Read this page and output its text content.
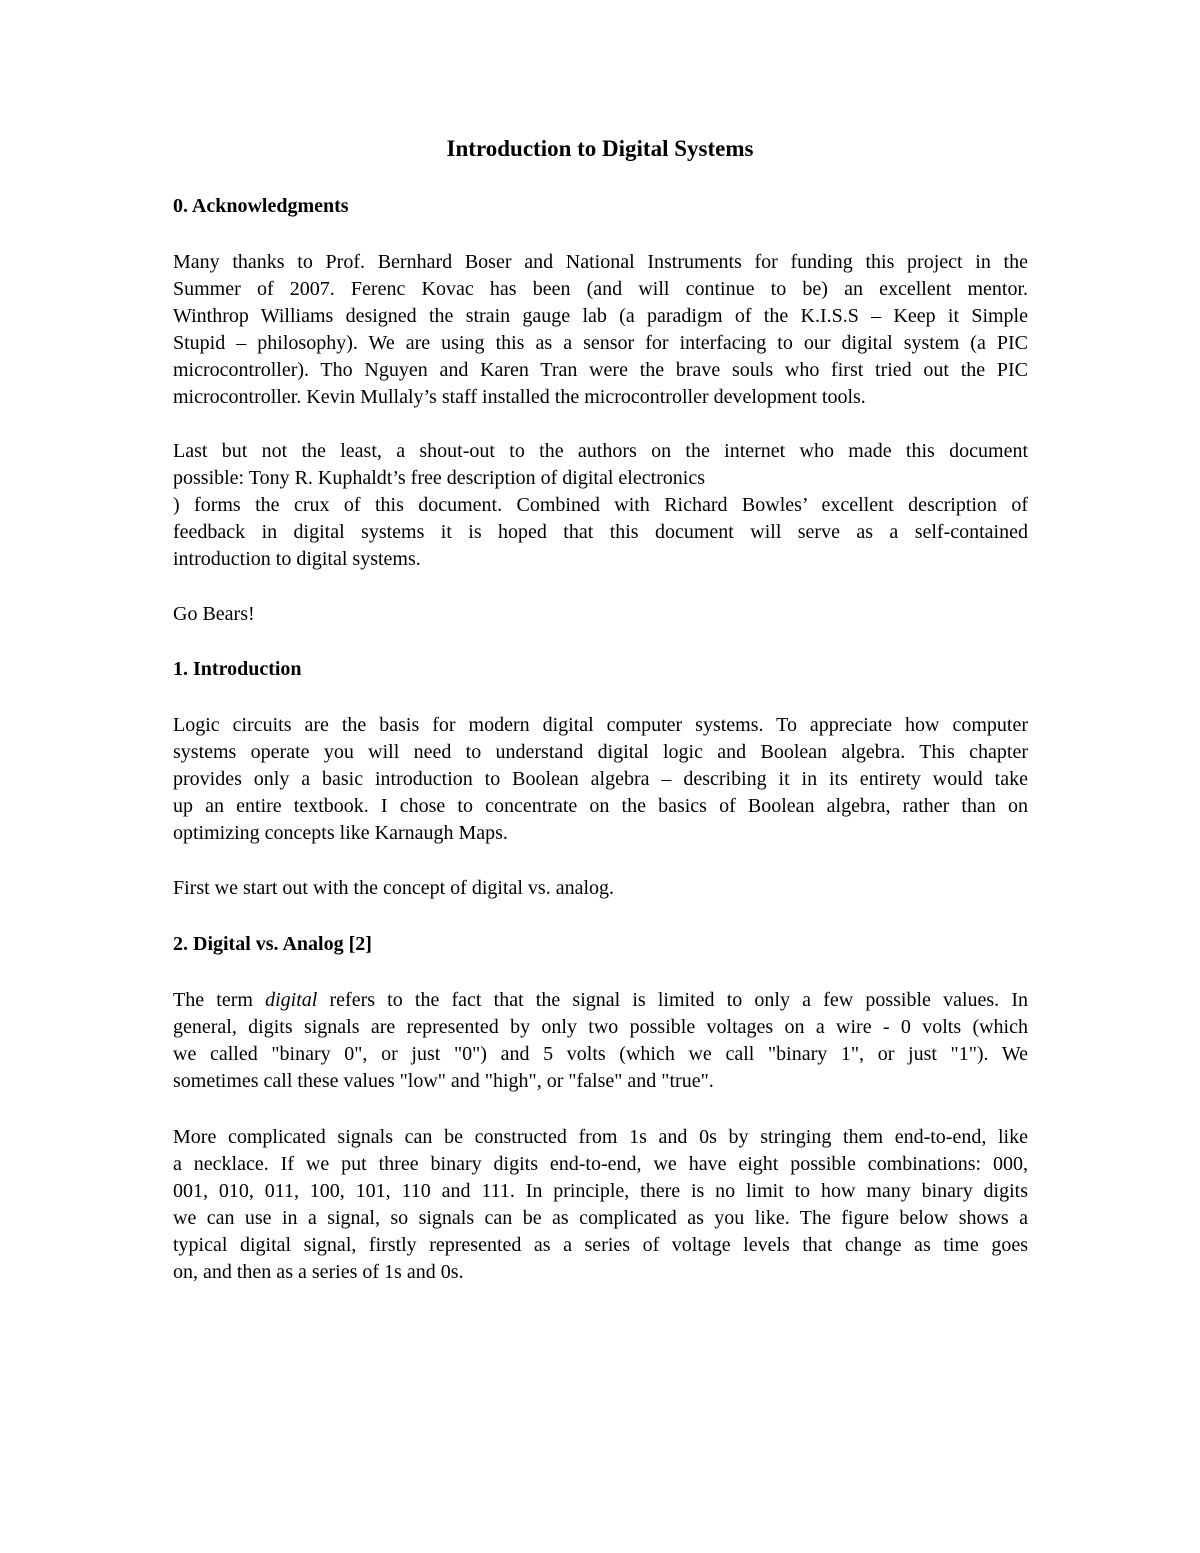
Introduction to Digital Systems
0. Acknowledgments

Many thanks to Prof. Bernhard Boser and National Instruments for funding this project in the
Summer of 2007. Ferenc Kovac has been (and will continue to be) an excellent mentor.
Winthrop Williams designed the strain gauge lab (a paradigm of the K.I.S.S – Keep it Simple
Stupid – philosophy). We are using this as a sensor for interfacing to our digital system (a PIC
microcontroller). Tho Nguyen and Karen Tran were the brave souls who first tried out the PIC
microcontroller. Kevin Mullaly’s staff installed the microcontroller development tools.

Last but not the least, a shout-out to the authors on the internet who made this document
possible: Tony R. Kuphaldt’s free description of digital electronics
) forms the crux of this document. Combined with Richard Bowles’ excellent description of
feedback in digital systems it is hoped that this document will serve as a self-contained
introduction to digital systems.

Go Bears!

1. Introduction

Logic circuits are the basis for modern digital computer systems. To appreciate how computer
systems operate you will need to understand digital logic and Boolean algebra. This chapter
provides only a basic introduction to Boolean algebra – describing it in its entirety would take
up an entire textbook. I chose to concentrate on the basics of Boolean algebra, rather than on
optimizing concepts like Karnaugh Maps.

First we start out with the concept of digital vs. analog.

2. Digital vs. Analog [2]

The term digital refers to the fact that the signal is limited to only a few possible values. In
general, digits signals are represented by only two possible voltages on a wire - 0 volts (which
we called "binary 0", or just "0") and 5 volts (which we call "binary 1", or just "1"). We
sometimes call these values "low" and "high", or "false" and "true".

More complicated signals can be constructed from 1s and 0s by stringing them end-to-end, like
a necklace. If we put three binary digits end-to-end, we have eight possible combinations: 000,
001, 010, 011, 100, 101, 110 and 111. In principle, there is no limit to how many binary digits
we can use in a signal, so signals can be as complicated as you like. The figure below shows a
typical digital signal, firstly represented as a series of voltage levels that change as time goes
on, and then as a series of 1s and 0s.
